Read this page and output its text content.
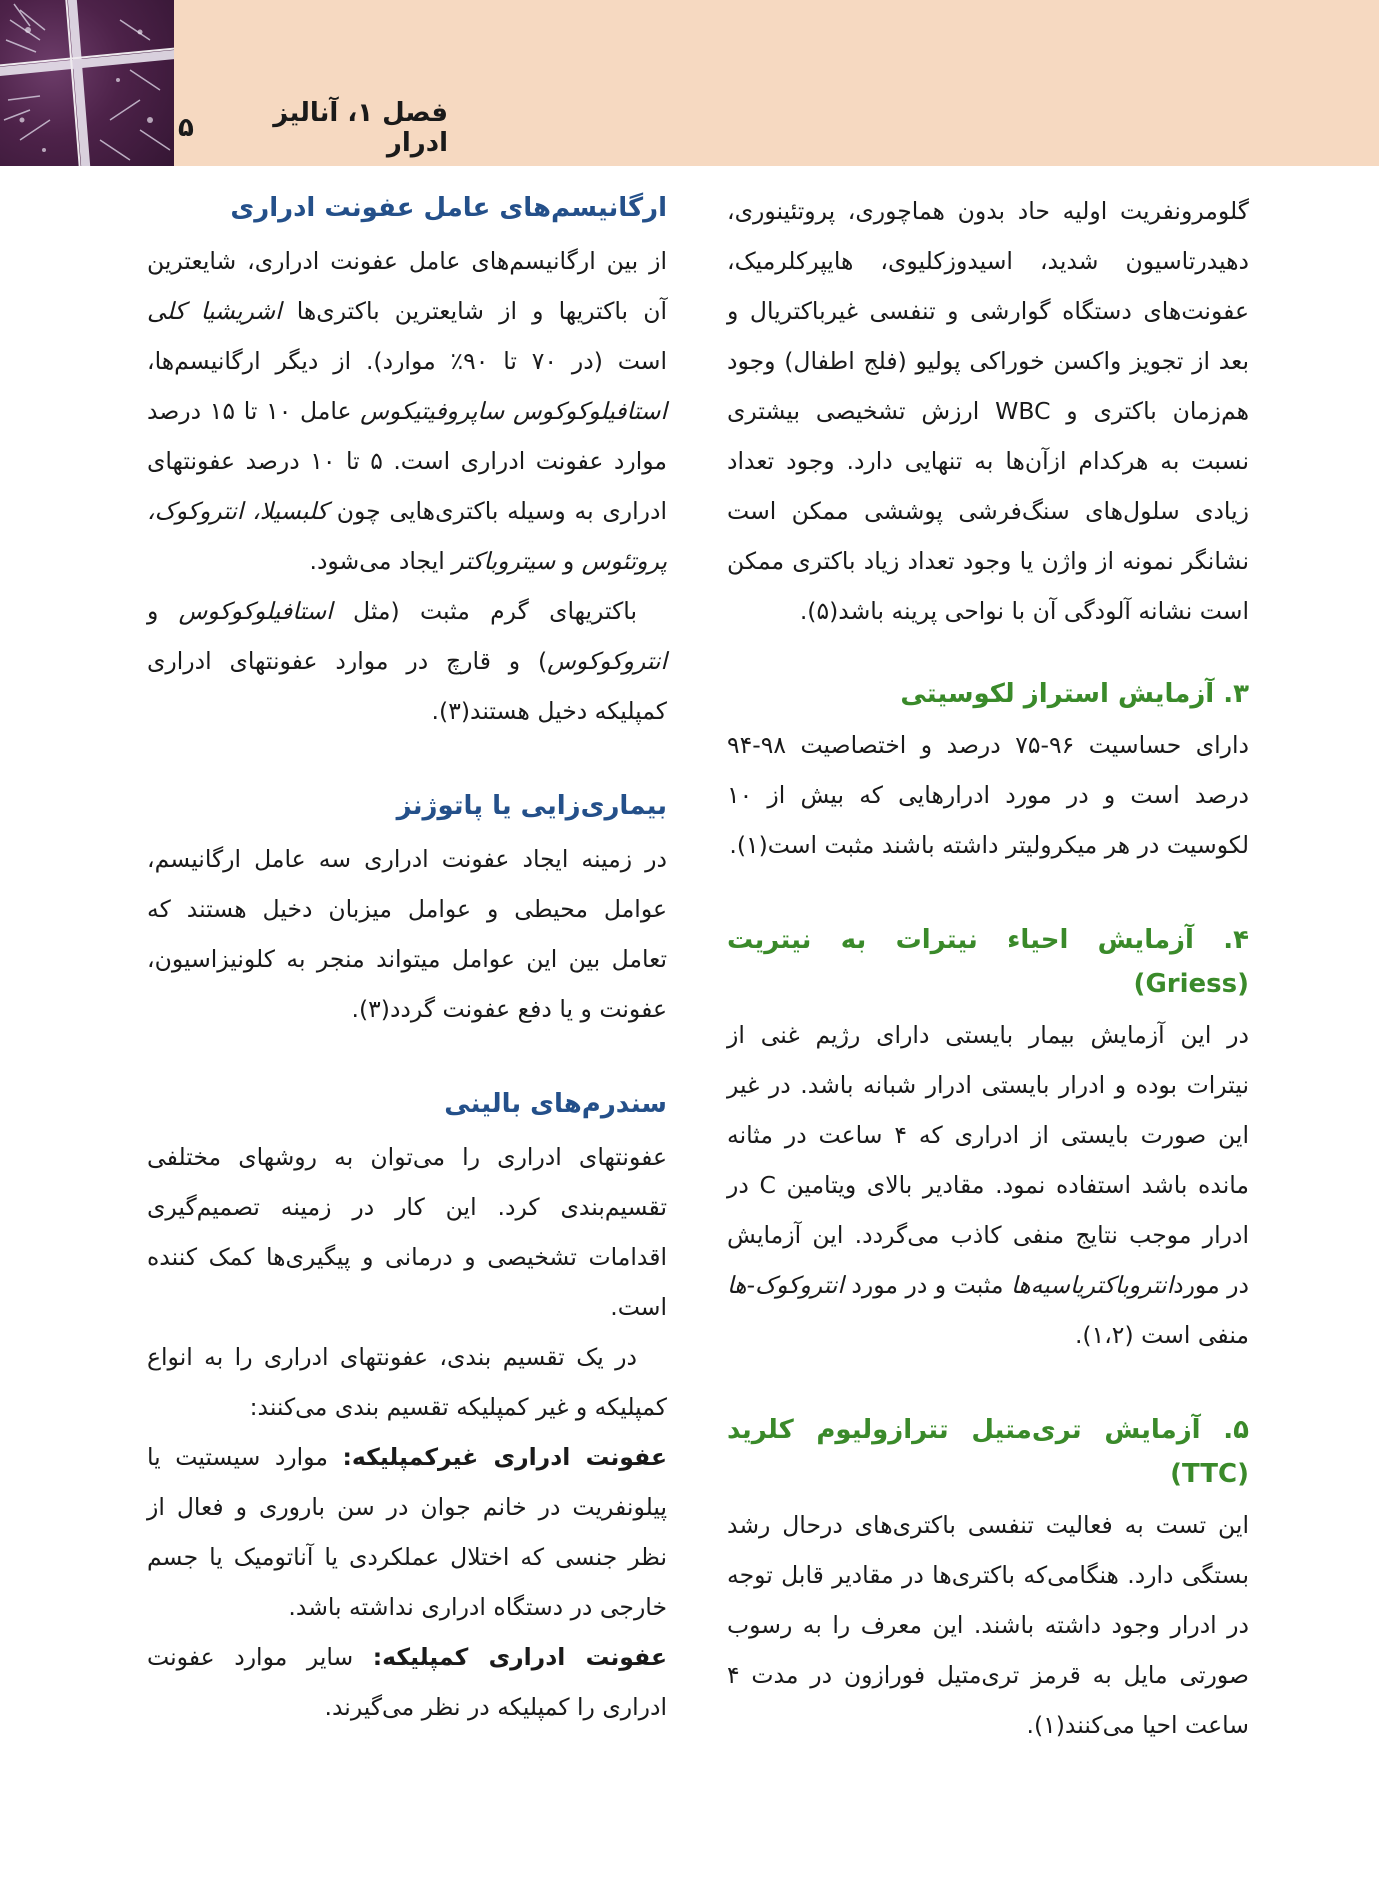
فصل ۱، آنالیز ادرار
۵

گلومرونفریت اولیه حاد بدون هماچوری، پروتئینوری، دهیدرتاسیون شدید، اسیدوزکلیوی، هایپرکلرمیک، عفونت‌های دستگاه گوارشی و تنفسی غیرباکتریال و بعد از تجویز واکسن خوراکی پولیو (فلج اطفال) وجود هم‌زمان باکتری و WBC ارزش تشخیصی بیشتری نسبت به هرکدام ازآن‌ها به تنهایی دارد. وجود تعداد زیادی سلول‌های سنگ‌فرشی پوششی ممکن است نشانگر نمونه از واژن یا وجود تعداد زیاد باکتری ممکن است نشانه آلودگی آن با نواحی پرینه باشد(۵).

۳. آزمایش استراز لکوسیتی

دارای حساسیت ۹۶-۷۵ درصد و اختصاصیت ۹۸-۹۴ درصد است و در مورد ادرارهایی که بیش از ۱۰ لکوسیت در هر میکرولیتر داشته باشند مثبت است(۱).

۴. آزمایش احیاء نیترات به نیتریت (Griess)

در این آزمایش بیمار بایستی دارای رژیم غنی از نیترات بوده و ادرار بایستی ادرار شبانه باشد. در غیر این صورت بایستی از ادراری که ۴ ساعت در مثانه مانده باشد استفاده نمود. مقادیر بالای ویتامین C در ادرار موجب نتایج منفی کاذب می‌گردد. این آزمایش در موردانتروباکتریاسیه‌ها مثبت و در مورد انتروکوک‌-ها منفی است (۱،۲).

۵. آزمایش تری‌متیل تترازولیوم کلرید (TTC)

این تست به فعالیت تنفسی باکتری‌های درحال رشد بستگی دارد. هنگامی‌که باکتری‌ها در مقادیر قابل توجه در ادرار وجود داشته باشند. این معرف را به رسوب صورتی مایل به قرمز تری‌متیل فورازون در مدت ۴ ساعت احیا می‌کنند(۱).

ارگانیسم‌های عامل عفونت ادراری

از بین ارگانیسم‌های عامل عفونت ادراری، شایعترین آن باکتریها و از شایعترین باکتری‌ها اشریشیا کلی است (در ۷۰ تا ۹۰٪ موارد). از دیگر ارگانیسم‌ها، استافیلوکوکوس ساپروفیتیکوس عامل ۱۰ تا ۱۵ درصد موارد عفونت ادراری است. ۵ تا ۱۰ درصد عفونتهای ادراری به وسیله باکتری‌هایی چون کلبسیلا، انتروکوک، پروتئوس و سیتروباکتر ایجاد می‌شود.

باکتریهای گرم مثبت (مثل استافیلوکوکوس و انتروکوکوس) و قارچ در موارد عفونتهای ادراری کمپلیکه دخیل هستند(۳).

بیماری‌زایی یا پاتوژنز

در زمینه ایجاد عفونت ادراری سه عامل ارگانیسم، عوامل محیطی و عوامل میزبان دخیل هستند که تعامل بین این عوامل میتواند منجر به کلونیزاسیون، عفونت و یا دفع عفونت گردد(۳).

سندرم‌های بالینی

عفونتهای ادراری را می‌توان به روشهای مختلفی تقسیم‌بندی کرد. این کار در زمینه تصمیم‌گیری اقدامات تشخیصی و درمانی و پیگیری‌ها کمک کننده است.

در یک تقسیم بندی، عفونتهای ادراری را به انواع کمپلیکه و غیر کمپلیکه تقسیم بندی می‌کنند:

عفونت ادراری غیرکمپلیکه: موارد سیستیت یا پیلونفریت در خانم جوان در سن باروری و فعال از نظر جنسی که اختلال عملکردی یا آناتومیک یا جسم خارجی در دستگاه ادراری نداشته باشد.

عفونت ادراری کمپلیکه: سایر موارد عفونت ادراری را کمپلیکه در نظر می‌گیرند.
